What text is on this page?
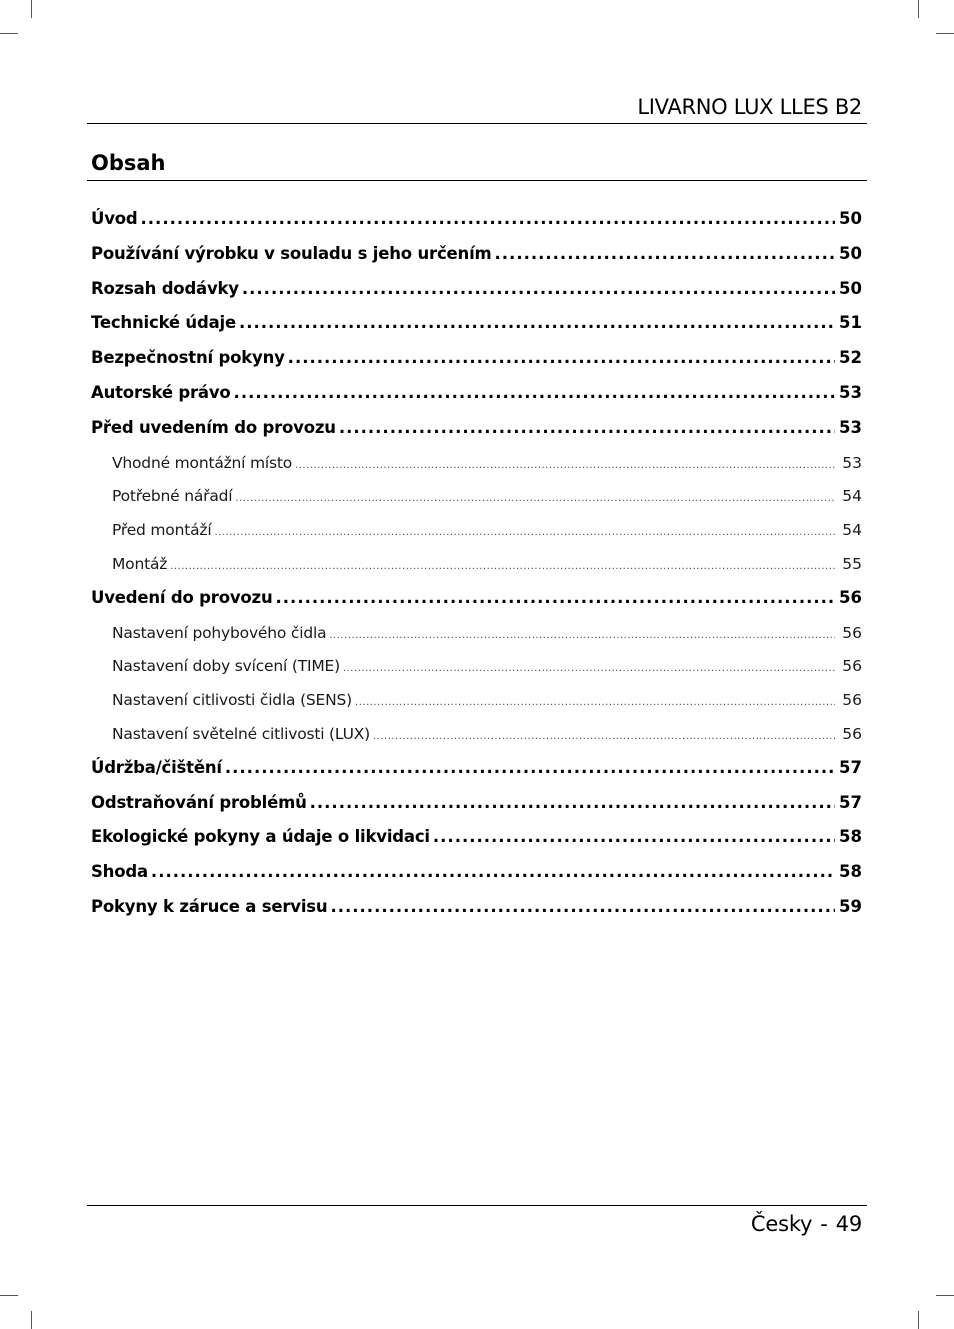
LIVARNO LUX LLES B2
Obsah
Úvod .....	50
Používání výrobku v souladu s jeho určením .....	50
Rozsah dodávky .....	50
Technické údaje .....	51
Bezpečnostní pokyny .....	52
Autorské právo .....	53
Před uvedením do provozu .....	53
Vhodné montážní místo .....	53
Potřebné nářadí .....	54
Před montáží .....	54
Montáž .....	55
Uvedení do provozu .....	56
Nastavení pohybového čidla .....	56
Nastavení doby svícení (TIME) .....	56
Nastavení citlivosti čidla (SENS) .....	56
Nastavení světelné citlivosti (LUX) .....	56
Údržba/čištění .....	57
Odstraňování problémů .....	57
Ekologické pokyny a údaje o likvidaci .....	58
Shoda .....	58
Pokyny k záruce a servisu .....	59
Česky - 49
